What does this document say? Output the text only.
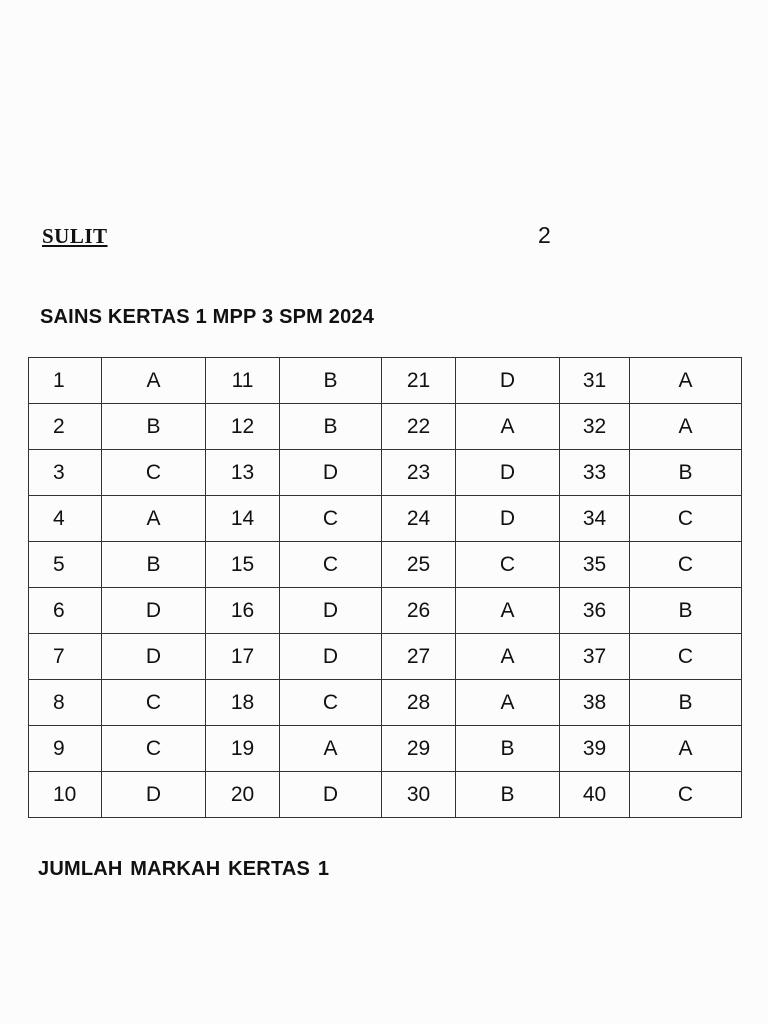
SULIT	2
SAINS KERTAS 1 MPP 3 SPM 2024
1	A	11	B	21	D	31	A
2	B	12	B	22	A	32	A
3	C	13	D	23	D	33	B
4	A	14	C	24	D	34	C
5	B	15	C	25	C	35	C
6	D	16	D	26	A	36	B
7	D	17	D	27	A	37	C
8	C	18	C	28	A	38	B
9	C	19	A	29	B	39	A
10	D	20	D	30	B	40	C
JUMLAH MARKAH KERTAS 1
